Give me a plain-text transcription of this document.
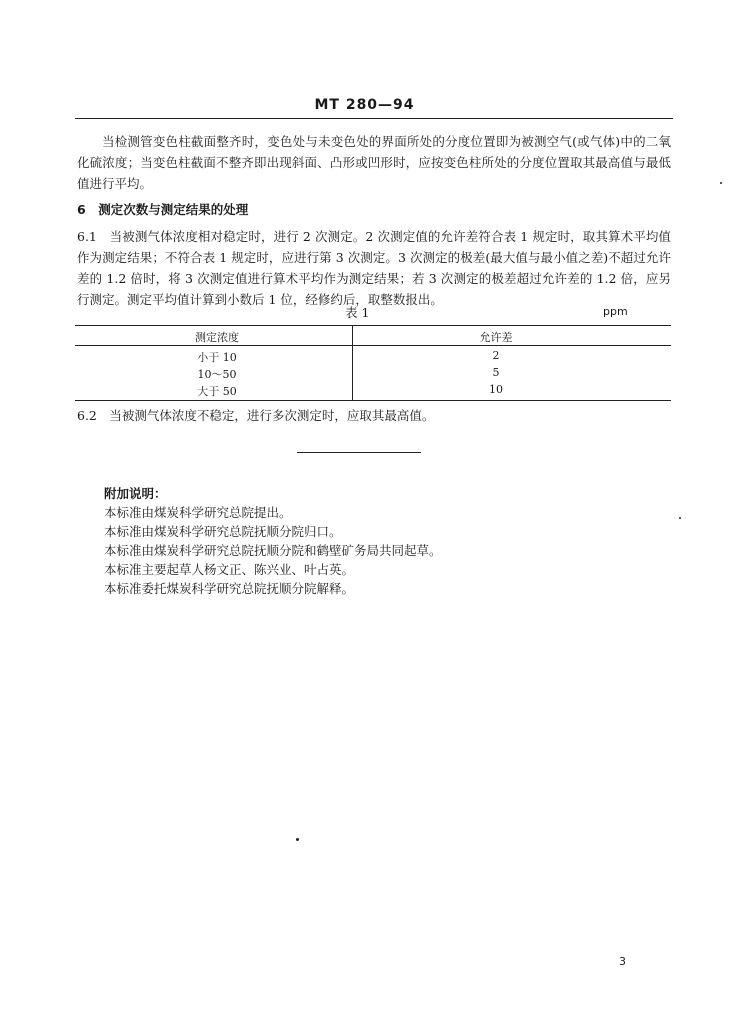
MT 280—94
当检测管变色柱截面整齐时，变色处与未变色处的界面所处的分度位置即为被测空气(或气体)中的二氧化硫浓度；当变色柱截面不整齐即出现斜面、凸形或凹形时，应按变色柱所处的分度位置取其最高值与最低值进行平均。
6　测定次数与测定结果的处理
6.1　当被测气体浓度相对稳定时，进行 2 次测定。2 次测定值的允许差符合表 1 规定时，取其算术平均值作为测定结果；不符合表 1 规定时，应进行第 3 次测定。3 次测定的极差(最大值与最小值之差)不超过允许差的 1.2 倍时，将 3 次测定值进行算术平均作为测定结果；若 3 次测定的极差超过允许差的 1.2 倍，应另行测定。测定平均值计算到小数后 1 位，经修约后，取整数报出。
表 1	ppm
测定浓度	允许差
小于 10	2
10～50	5
大于 50	10
6.2　当被测气体浓度不稳定，进行多次测定时，应取其最高值。
附加说明：
本标准由煤炭科学研究总院提出。
本标准由煤炭科学研究总院抚顺分院归口。
本标准由煤炭科学研究总院抚顺分院和鹤壁矿务局共同起草。
本标准主要起草人杨文正、陈兴业、叶占英。
本标准委托煤炭科学研究总院抚顺分院解释。
3
